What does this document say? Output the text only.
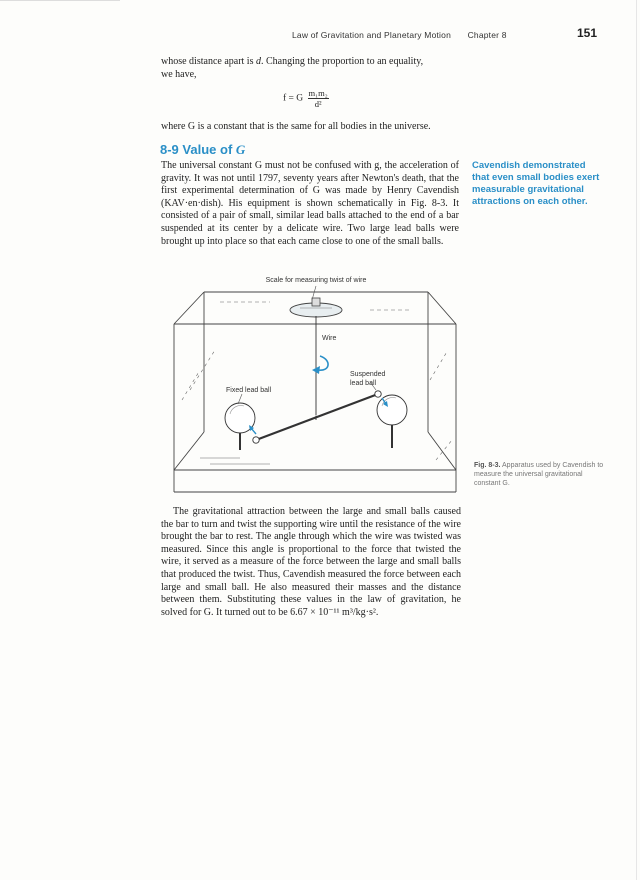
Law of Gravitation and Planetary Motion Chapter 8	151
whose distance apart is d. Changing the proportion to an equality,
we have,
f = G $\frac{\text{m₁m₂}}{\text{d²}}$
where G is a constant that is the same for all bodies in the universe.
8-9 Value of G
The universal constant G must not be confused with g, the acceleration of gravity. It was not until 1797, seventy years after Newton's death, that the first experimental determination of G was made by Henry Cavendish (KAV·en·dish). His equipment is shown schematically in Fig. 8-3. It consisted of a pair of small, similar lead balls attached to the end of a bar suspended at its center by a delicate wire. Two large lead balls were brought up into place so that each came close to one of the small balls.
Cavendish demonstrated that even small bodies exert measurable gravitational attractions on each other.
Scale for measuring twist of wire
Wire
Suspended
lead ball
Fixed lead ball
Fig. 8-3. Apparatus used by Cavendish to measure the universal gravitational constant G.
The gravitational attraction between the large and small balls caused the bar to turn and twist the supporting wire until the resistance of the wire brought the bar to rest. The angle through which the wire was twisted was measured. Since this angle is proportional to the force that twisted the wire, it served as a measure of the force between the large and small balls that produced the twist. Thus, Cavendish measured the force between each large and small ball. He also measured their masses and the distance between them. Substituting these values in the law of gravitation, he solved for G. It turned out to be 6.67 × 10⁻¹¹ m³/kg·s².
